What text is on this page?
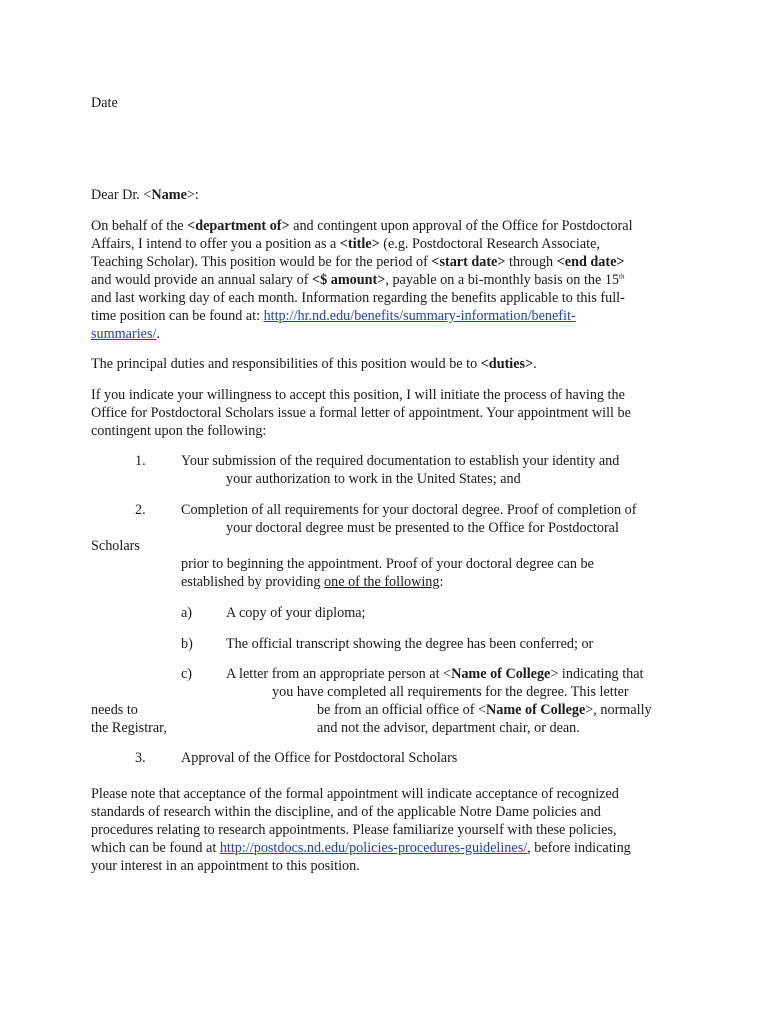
Date
Dear Dr. <Name>:
On behalf of the <department of> and contingent upon approval of the Office for Postdoctoral
Affairs, I intend to offer you a position as a <title> (e.g. Postdoctoral Research Associate,
Teaching Scholar). This position would be for the period of <start date> through <end date>
and would provide an annual salary of <$ amount>, payable on a bi-monthly basis on the 15th
and last working day of each month. Information regarding the benefits applicable to this full-
time position can be found at: http://hr.nd.edu/benefits/summary-information/benefit-
summaries/.
The principal duties and responsibilities of this position would be to <duties>.
If you indicate your willingness to accept this position, I will initiate the process of having the
Office for Postdoctoral Scholars issue a formal letter of appointment. Your appointment will be
contingent upon the following:
1. Your submission of the required documentation to establish your identity and
your authorization to work in the United States; and
2. Completion of all requirements for your doctoral degree. Proof of completion of
your doctoral degree must be presented to the Office for Postdoctoral
Scholars
prior to beginning the appointment. Proof of your doctoral degree can be
established by providing one of the following:
a) A copy of your diploma;
b) The official transcript showing the degree has been conferred; or
c) A letter from an appropriate person at <Name of College> indicating that
you have completed all requirements for the degree. This letter
needs to	be from an official office of <Name of College>, normally
the Registrar,	and not the advisor, department chair, or dean.
3. Approval of the Office for Postdoctoral Scholars
Please note that acceptance of the formal appointment will indicate acceptance of recognized
standards of research within the discipline, and of the applicable Notre Dame policies and
procedures relating to research appointments. Please familiarize yourself with these policies,
which can be found at http://postdocs.nd.edu/policies-procedures-guidelines/, before indicating
your interest in an appointment to this position.
